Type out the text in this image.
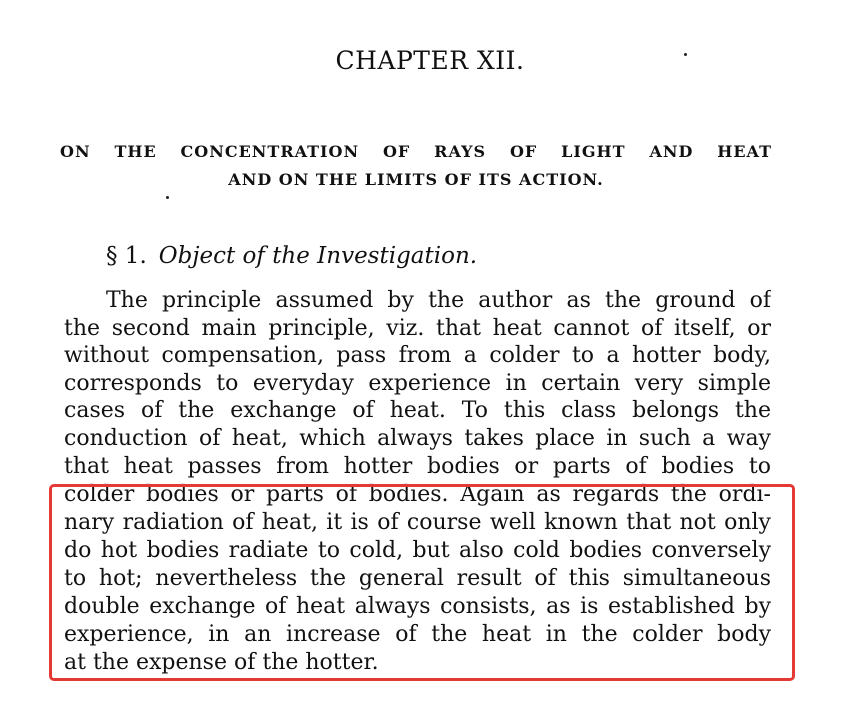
CHAPTER XII.
ON THE CONCENTRATION OF RAYS OF LIGHT AND HEAT
AND ON THE LIMITS OF ITS ACTION.
§ 1. Object of the Investigation.
The principle assumed by the author as the ground of
the second main principle, viz. that heat cannot of itself, or
without compensation, pass from a colder to a hotter body,
corresponds to everyday experience in certain very simple
cases of the exchange of heat. To this class belongs the
conduction of heat, which always takes place in such a way
that heat passes from hotter bodies or parts of bodies to
colder bodies or parts of bodies. Again as regards the ordi-
nary radiation of heat, it is of course well known that not only
do hot bodies radiate to cold, but also cold bodies conversely
to hot; nevertheless the general result of this simultaneous
double exchange of heat always consists, as is established by
experience, in an increase of the heat in the colder body
at the expense of the hotter.
